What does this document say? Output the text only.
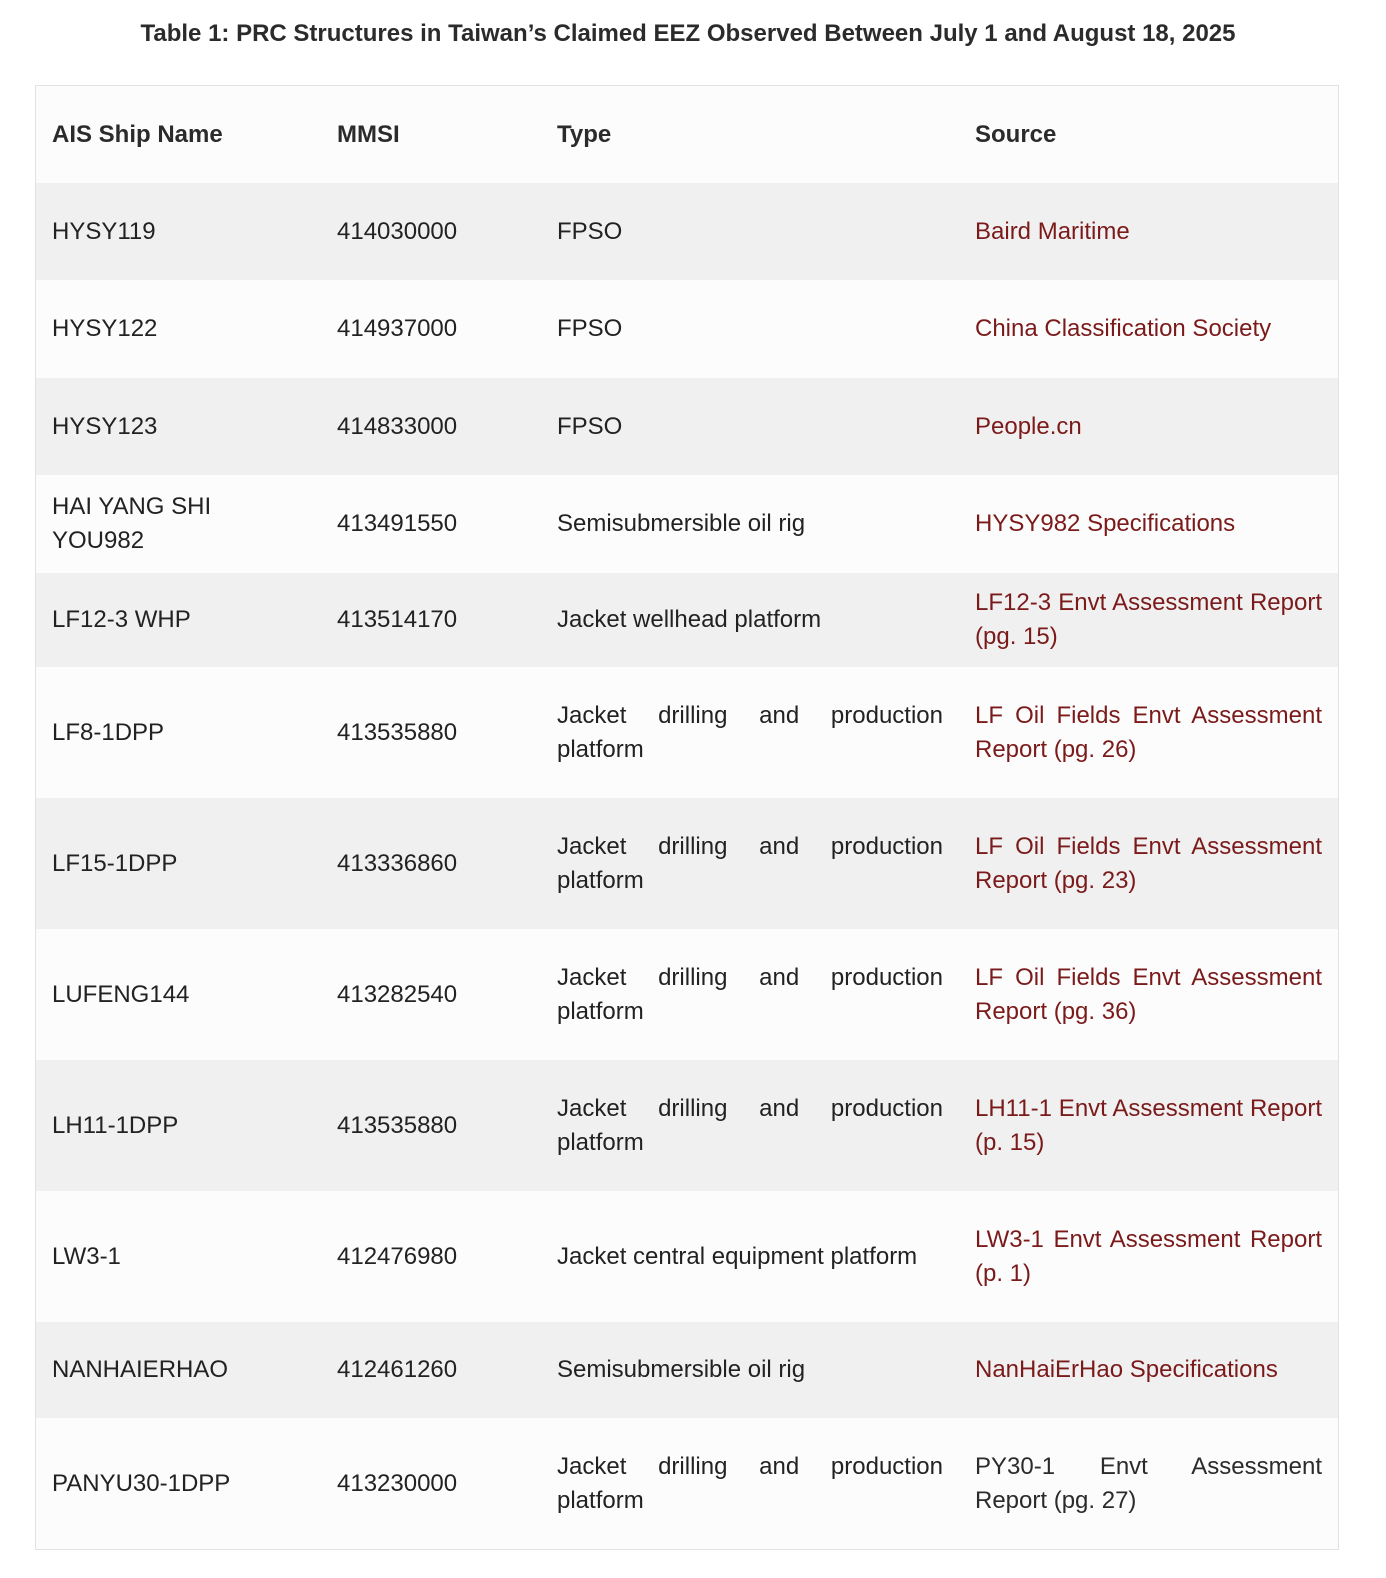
Table 1: PRC Structures in Taiwan’s Claimed EEZ Observed Between July 1 and August 18, 2025
AIS Ship Name	MMSI	Type	Source
HYSY119	414030000	FPSO	Baird Maritime
HYSY122	414937000	FPSO	China Classification Society
HYSY123	414833000	FPSO	People.cn
HAI YANG SHI YOU982	413491550	Semisubmersible oil rig	HYSY982 Specifications
LF12-3 WHP	413514170	Jacket wellhead platform	LF12-3 Envt Assessment Report (pg. 15)
LF8-1DPP	413535880	Jacket drilling and production platform	LF Oil Fields Envt Assessment Report (pg. 26)
LF15-1DPP	413336860	Jacket drilling and production platform	LF Oil Fields Envt Assessment Report (pg. 23)
LUFENG144	413282540	Jacket drilling and production platform	LF Oil Fields Envt Assessment Report (pg. 36)
LH11-1DPP	413535880	Jacket drilling and production platform	LH11-1 Envt Assessment Report (p. 15)
LW3-1	412476980	Jacket central equipment platform	LW3-1 Envt Assessment Report (p. 1)
NANHAIERHAO	412461260	Semisubmersible oil rig	NanHaiErHao Specifications
PANYU30-1DPP	413230000	Jacket drilling and production platform	PY30-1 Envt Assessment Report (pg. 27)
